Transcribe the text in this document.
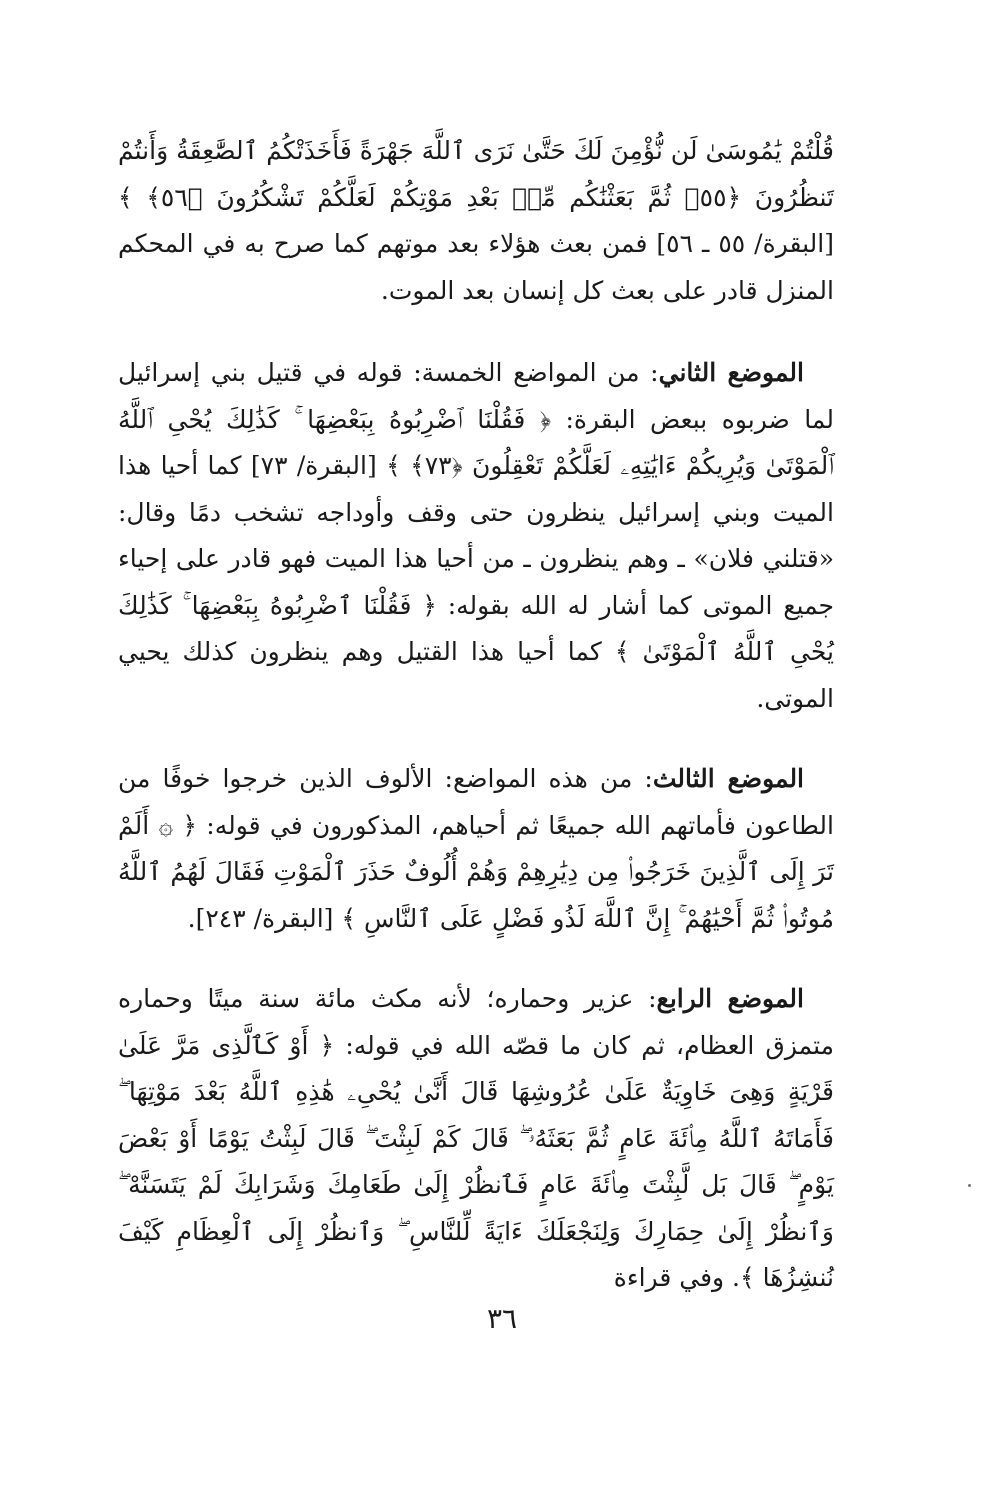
قُلْتُمْ يَٰمُوسَىٰ لَن نُّؤْمِنَ لَكَ حَتَّىٰ نَرَى ٱللَّهَ جَهْرَةً فَأَخَذَتْكُمُ ٱلصَّٰعِقَةُ وَأَنتُمْ تَنظُرُونَ ﴿٥٥﴾ ثُمَّ بَعَثْنَٰكُم مِّنۢ بَعْدِ مَوْتِكُمْ لَعَلَّكُمْ تَشْكُرُونَ ﴿٥٦﴾ ﴾ [البقرة/ ٥٥ ـ ٥٦] فمن بعث هؤلاء بعد موتهم كما صرح به في المحكم المنزل قادر على بعث كل إنسان بعد الموت.

الموضع الثاني: من المواضع الخمسة: قوله في قتيل بني إسرائيل لما ضربوه ببعض البقرة: ﴿ فَقُلْنَا ٱضْرِبُوهُ بِبَعْضِهَا ۚ كَذَٰلِكَ يُحْىِ ٱللَّهُ ٱلْمَوْتَىٰ وَيُرِيكُمْ ءَايَٰتِهِۦ لَعَلَّكُمْ تَعْقِلُونَ ﴿٧٣﴾ ﴾ [البقرة/ ٧٣] كما أحيا هذا الميت وبني إسرائيل ينظرون حتى وقف وأوداجه تشخب دمًا وقال: «قتلني فلان» ـ وهم ينظرون ـ من أحيا هذا الميت فهو قادر على إحياء جميع الموتى كما أشار له الله بقوله: ﴿ فَقُلْنَا ٱضْرِبُوهُ بِبَعْضِهَا ۚ كَذَٰلِكَ يُحْىِ ٱللَّهُ ٱلْمَوْتَىٰ ﴾ كما أحيا هذا القتيل وهم ينظرون كذلك يحيي الموتى.

الموضع الثالث: من هذه المواضع: الألوف الذين خرجوا خوفًا من الطاعون فأماتهم الله جميعًا ثم أحياهم، المذكورون في قوله: ﴿ ۞ أَلَمْ تَرَ إِلَى ٱلَّذِينَ خَرَجُوا۟ مِن دِيَٰرِهِمْ وَهُمْ أُلُوفٌ حَذَرَ ٱلْمَوْتِ فَقَالَ لَهُمُ ٱللَّهُ مُوتُوا۟ ثُمَّ أَحْيَٰهُمْ ۚ إِنَّ ٱللَّهَ لَذُو فَضْلٍ عَلَى ٱلنَّاسِ ﴾ [البقرة/ ٢٤٣].

الموضع الرابع: عزير وحماره؛ لأنه مكث مائة سنة ميتًا وحماره متمزق العظام، ثم كان ما قصّه الله في قوله: ﴿ أَوْ كَٱلَّذِى مَرَّ عَلَىٰ قَرْيَةٍ وَهِىَ خَاوِيَةٌ عَلَىٰ عُرُوشِهَا قَالَ أَنَّىٰ يُحْىِۦ هَٰذِهِ ٱللَّهُ بَعْدَ مَوْتِهَا ۖ فَأَمَاتَهُ ٱللَّهُ مِا۟ئَةَ عَامٍ ثُمَّ بَعَثَهُۥ ۖ قَالَ كَمْ لَبِثْتَ ۖ قَالَ لَبِثْتُ يَوْمًا أَوْ بَعْضَ يَوْمٍ ۖ قَالَ بَل لَّبِثْتَ مِا۟ئَةَ عَامٍ فَٱنظُرْ إِلَىٰ طَعَامِكَ وَشَرَابِكَ لَمْ يَتَسَنَّهْ ۖ وَٱنظُرْ إِلَىٰ حِمَارِكَ وَلِنَجْعَلَكَ ءَايَةً لِّلنَّاسِ ۖ وَٱنظُرْ إِلَى ٱلْعِظَامِ كَيْفَ نُنشِزُهَا ﴾. وفي قراءة

٣٦
